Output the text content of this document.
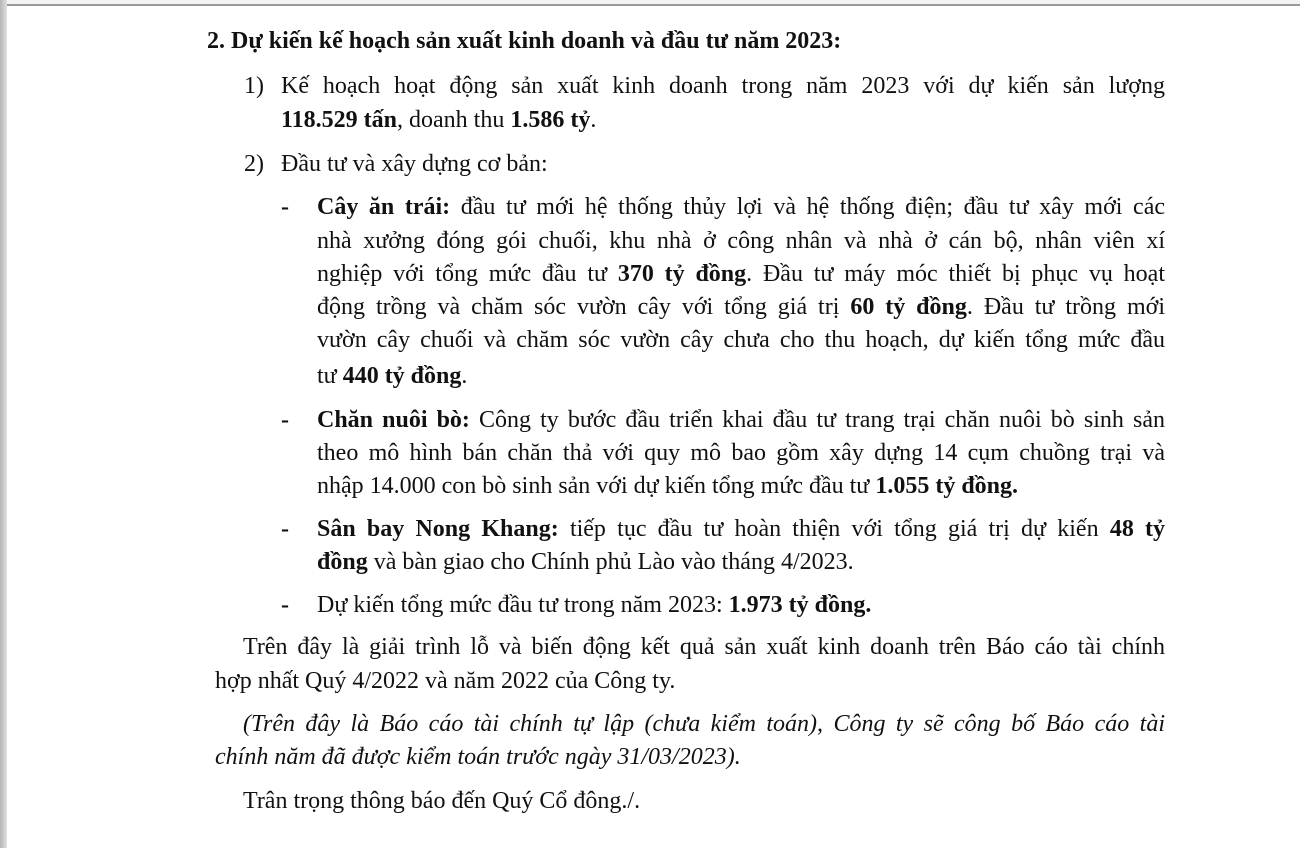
2. Dự kiến kế hoạch sản xuất kinh doanh và đầu tư năm 2023:
1) Kế hoạch hoạt động sản xuất kinh doanh trong năm 2023 với dự kiến sản lượng
118.529 tấn, doanh thu 1.586 tỷ.
2) Đầu tư và xây dựng cơ bản:
- Cây ăn trái: đầu tư mới hệ thống thủy lợi và hệ thống điện; đầu tư xây mới các
nhà xưởng đóng gói chuối, khu nhà ở công nhân và nhà ở cán bộ, nhân viên xí
nghiệp với tổng mức đầu tư 370 tỷ đồng. Đầu tư máy móc thiết bị phục vụ hoạt
động trồng và chăm sóc vườn cây với tổng giá trị 60 tỷ đồng. Đầu tư trồng mới
vườn cây chuối và chăm sóc vườn cây chưa cho thu hoạch, dự kiến tổng mức đầu
tư 440 tỷ đồng.
- Chăn nuôi bò: Công ty bước đầu triển khai đầu tư trang trại chăn nuôi bò sinh sản
theo mô hình bán chăn thả với quy mô bao gồm xây dựng 14 cụm chuồng trại và
nhập 14.000 con bò sinh sản với dự kiến tổng mức đầu tư 1.055 tỷ đồng.
- Sân bay Nong Khang: tiếp tục đầu tư hoàn thiện với tổng giá trị dự kiến 48 tỷ
đồng và bàn giao cho Chính phủ Lào vào tháng 4/2023.
- Dự kiến tổng mức đầu tư trong năm 2023: 1.973 tỷ đồng.
Trên đây là giải trình lỗ và biến động kết quả sản xuất kinh doanh trên Báo cáo tài chính
hợp nhất Quý 4/2022 và năm 2022 của Công ty.
(Trên đây là Báo cáo tài chính tự lập (chưa kiểm toán), Công ty sẽ công bố Báo cáo tài
chính năm đã được kiểm toán trước ngày 31/03/2023).
Trân trọng thông báo đến Quý Cổ đông./.
